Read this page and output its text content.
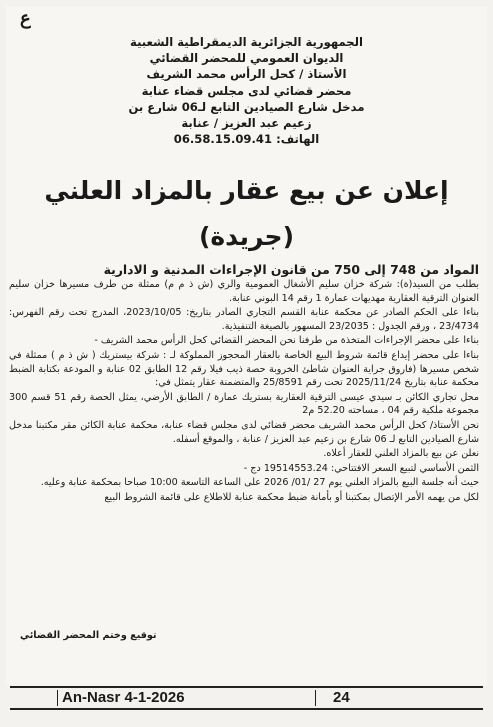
ع
الجمهورية الجزائرية الديمقراطية الشعبية
الديوان العمومي للمحضر القضائي
الأستاذ / كحل الرأس محمد الشريف
محضر قضائي لدى مجلس قضاء عنابة
مدخل شارع الصيادين التابع لـ06 شارع بن
زعيم عبد العزيز / عنابة
الهاتف: 06.58.15.09.41
إعلان عن بيع عقار بالمزاد العلني
(جريدة)
المواد من 748 إلى 750 من قانون الإجراءات المدنية و الادارية

بطلب من السيد(ة): شركة خزان سليم الأشغال العمومية والري (ش ذ م م) ممثلة من طرف مسيرها خزان سليم العنوان الترقية العقارية مهديهات عمارة 1 رقم 14 البوني عنابة.

بناءا على الحكم الصادر عن محكمة عنابة القسم التجاري الصادر بتاريخ: 2023/10/05، المدرج تحت رقم الفهرس: 23/4734 ، ورقم الجدول : 23/2035 المسهور بالصيغة التنفيذية.

بناءا على محضر الإجراءات المتخذة من طرفنا نحن المحضر القضائي كحل الرأس محمد الشريف -

بناءا على محضر إيداع قائمة شروط البيع الخاصة بالعقار المحجوز المملوكة لـ : شركة بيستريك ( ش ذ م ) ممثلة في شخص مسيرها (فاروق جراية العنوان شاطئ الخروبة حصة ذيب فيلا رقم 12 الطابق 02 عنابة و المودعة بكتابة الضبط محكمة عنابة بتاريخ 2025/11/24 تحت رقم 25/8591 والمتضمنة عقار يتمثل في:

محل تجاري الكائن بـ سيدي عيسى الترقية العقارية بستريك عمارة / الطابق الأرضي، يمثل الحصة رقم 51 قسم 300 مجموعة ملكية رقم 04 ، مساحته 52.20 م2

نحن الأستاذ/ كحل الرأس محمد الشريف محضر قضائي لدى مجلس قضاء عنابة، محكمة عنابة الكائن مقر مكتبنا مدخل شارع الصيادين التابع لـ 06 شارع بن زعيم عبد العزيز / عنابة ، والموقع أسفله.

نعلن عن بيع بالمزاد العلني للعقار أعلاه.

الثمن الأساسي لتبيع السعر الافتتاحي: 19514553.24 دج -

حيث أنه جلسة البيع بالمزاد العلني يوم 27 /01/ 2026 على الساعة التاسعة 10:00 صباحا بمحكمة عنابة وعليه.

لكل من يهمه الأمر الإتصال بمكتبنا أو بأمانة ضبط محكمة عنابة للاطلاع على قائمة الشروط البيع

توقيع وختم المحضر القضائي
An-Nasr 4-1-2026	24
